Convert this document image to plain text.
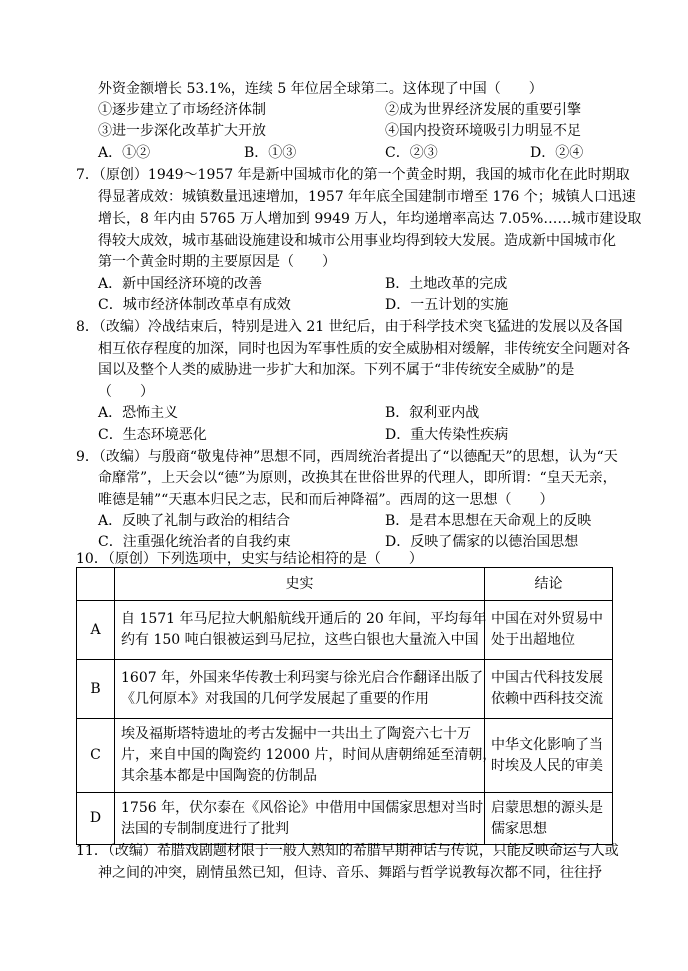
外资金额增长 53.1%，连续 5 年位居全球第二。这体现了中国（　　）
①逐步建立了市场经济体制	②成为世界经济发展的重要引擎
③进一步深化改革扩大开放	④国内投资环境吸引力明显不足
A．①②	B．①③	C．②③	D．②④
7．（原创）1949～1957 年是新中国城市化的第一个黄金时期，我国的城市化在此时期取
得显著成效：城镇数量迅速增加，1957 年年底全国建制市增至 176 个；城镇人口迅速
增长，8 年内由 5765 万人增加到 9949 万人，年均递增率高达 7.05%……城市建设取
得较大成效，城市基础设施建设和城市公用事业均得到较大发展。造成新中国城市化
第一个黄金时期的主要原因是（　　）
A．新中国经济环境的改善	B．土地改革的完成
C．城市经济体制改革卓有成效	D．一五计划的实施
8．（改编）冷战结束后，特别是进入 21 世纪后，由于科学技术突飞猛进的发展以及各国
相互依存程度的加深，同时也因为军事性质的安全威胁相对缓解，非传统安全问题对各
国以及整个人类的威胁进一步扩大和加深。下列不属于“非传统安全威胁”的是
（　　）
A．恐怖主义	B．叙利亚内战
C．生态环境恶化	D．重大传染性疾病
9．（改编）与殷商“敬鬼侍神”思想不同，西周统治者提出了“以德配天”的思想，认为“天
命靡常”，上天会以“德”为原则，改换其在世俗世界的代理人，即所谓：“皇天无亲，
唯德是辅”“天惠本归民之志，民和而后神降福”。西周的这一思想（　　）
A．反映了礼制与政治的相结合	B．是君本思想在天命观上的反映
C．注重强化统治者的自我约束	D．反映了儒家的以德治国思想
10．（原创）下列选项中，史实与结论相符的是（　　）
	史实	结论
A	自 1571 年马尼拉大帆船航线开通后的 20 年间，平均每年
约有 150 吨白银被运到马尼拉，这些白银也大量流入中国	中国在对外贸易中
处于出超地位

B	1607 年，外国来华传教士利玛窦与徐光启合作翻译出版了
《几何原本》对我国的几何学发展起了重要的作用	中国古代科技发展
依赖中西科技交流

C	埃及福斯塔特遗址的考古发掘中一共出土了陶瓷六七十万
片，来自中国的陶瓷约 12000 片，时间从唐朝绵延至清朝，
其余基本都是中国陶瓷的仿制品	中华文化影响了当
时埃及人民的审美

D	1756 年，伏尔泰在《风俗论》中借用中国儒家思想对当时
法国的专制制度进行了批判	启蒙思想的源头是
儒家思想
11．（改编）希腊戏剧题材限于一般人熟知的希腊早期神话与传说，只能反映命运与人或
神之间的冲突，剧情虽然已知，但诗、音乐、舞蹈与哲学说教每次都不同，往往抒
